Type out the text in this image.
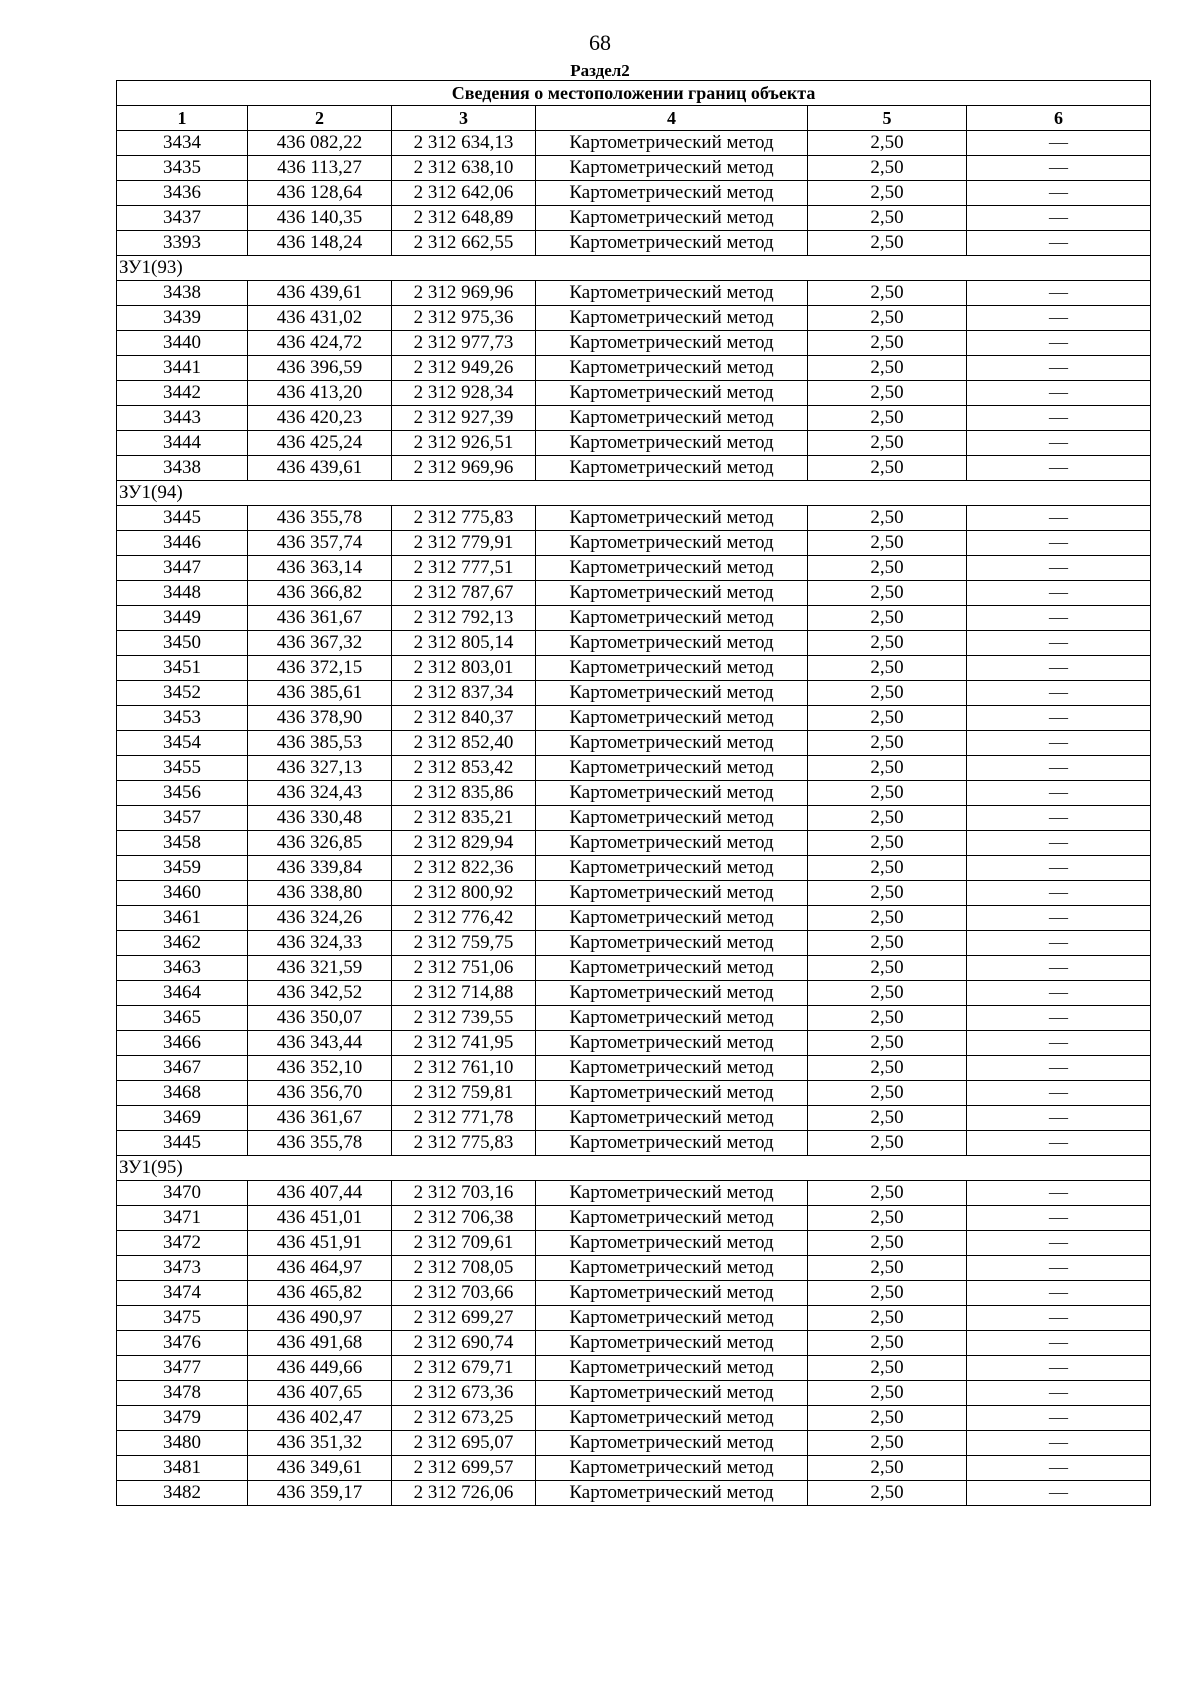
68
Раздел2
Сведения о местоположении границ объекта					
1	2	3	4	5	6
3434	436 082,22	2 312 634,13	Картометрический метод	2,50	—
3435	436 113,27	2 312 638,10	Картометрический метод	2,50	—
3436	436 128,64	2 312 642,06	Картометрический метод	2,50	—
3437	436 140,35	2 312 648,89	Картометрический метод	2,50	—
3393	436 148,24	2 312 662,55	Картометрический метод	2,50	—
ЗУ1(93)					
3438	436 439,61	2 312 969,96	Картометрический метод	2,50	—
3439	436 431,02	2 312 975,36	Картометрический метод	2,50	—
3440	436 424,72	2 312 977,73	Картометрический метод	2,50	—
3441	436 396,59	2 312 949,26	Картометрический метод	2,50	—
3442	436 413,20	2 312 928,34	Картометрический метод	2,50	—
3443	436 420,23	2 312 927,39	Картометрический метод	2,50	—
3444	436 425,24	2 312 926,51	Картометрический метод	2,50	—
3438	436 439,61	2 312 969,96	Картометрический метод	2,50	—
ЗУ1(94)					
3445	436 355,78	2 312 775,83	Картометрический метод	2,50	—
3446	436 357,74	2 312 779,91	Картометрический метод	2,50	—
3447	436 363,14	2 312 777,51	Картометрический метод	2,50	—
3448	436 366,82	2 312 787,67	Картометрический метод	2,50	—
3449	436 361,67	2 312 792,13	Картометрический метод	2,50	—
3450	436 367,32	2 312 805,14	Картометрический метод	2,50	—
3451	436 372,15	2 312 803,01	Картометрический метод	2,50	—
3452	436 385,61	2 312 837,34	Картометрический метод	2,50	—
3453	436 378,90	2 312 840,37	Картометрический метод	2,50	—
3454	436 385,53	2 312 852,40	Картометрический метод	2,50	—
3455	436 327,13	2 312 853,42	Картометрический метод	2,50	—
3456	436 324,43	2 312 835,86	Картометрический метод	2,50	—
3457	436 330,48	2 312 835,21	Картометрический метод	2,50	—
3458	436 326,85	2 312 829,94	Картометрический метод	2,50	—
3459	436 339,84	2 312 822,36	Картометрический метод	2,50	—
3460	436 338,80	2 312 800,92	Картометрический метод	2,50	—
3461	436 324,26	2 312 776,42	Картометрический метод	2,50	—
3462	436 324,33	2 312 759,75	Картометрический метод	2,50	—
3463	436 321,59	2 312 751,06	Картометрический метод	2,50	—
3464	436 342,52	2 312 714,88	Картометрический метод	2,50	—
3465	436 350,07	2 312 739,55	Картометрический метод	2,50	—
3466	436 343,44	2 312 741,95	Картометрический метод	2,50	—
3467	436 352,10	2 312 761,10	Картометрический метод	2,50	—
3468	436 356,70	2 312 759,81	Картометрический метод	2,50	—
3469	436 361,67	2 312 771,78	Картометрический метод	2,50	—
3445	436 355,78	2 312 775,83	Картометрический метод	2,50	—
ЗУ1(95)					
3470	436 407,44	2 312 703,16	Картометрический метод	2,50	—
3471	436 451,01	2 312 706,38	Картометрический метод	2,50	—
3472	436 451,91	2 312 709,61	Картометрический метод	2,50	—
3473	436 464,97	2 312 708,05	Картометрический метод	2,50	—
3474	436 465,82	2 312 703,66	Картометрический метод	2,50	—
3475	436 490,97	2 312 699,27	Картометрический метод	2,50	—
3476	436 491,68	2 312 690,74	Картометрический метод	2,50	—
3477	436 449,66	2 312 679,71	Картометрический метод	2,50	—
3478	436 407,65	2 312 673,36	Картометрический метод	2,50	—
3479	436 402,47	2 312 673,25	Картометрический метод	2,50	—
3480	436 351,32	2 312 695,07	Картометрический метод	2,50	—
3481	436 349,61	2 312 699,57	Картометрический метод	2,50	—
3482	436 359,17	2 312 726,06	Картометрический метод	2,50	—
